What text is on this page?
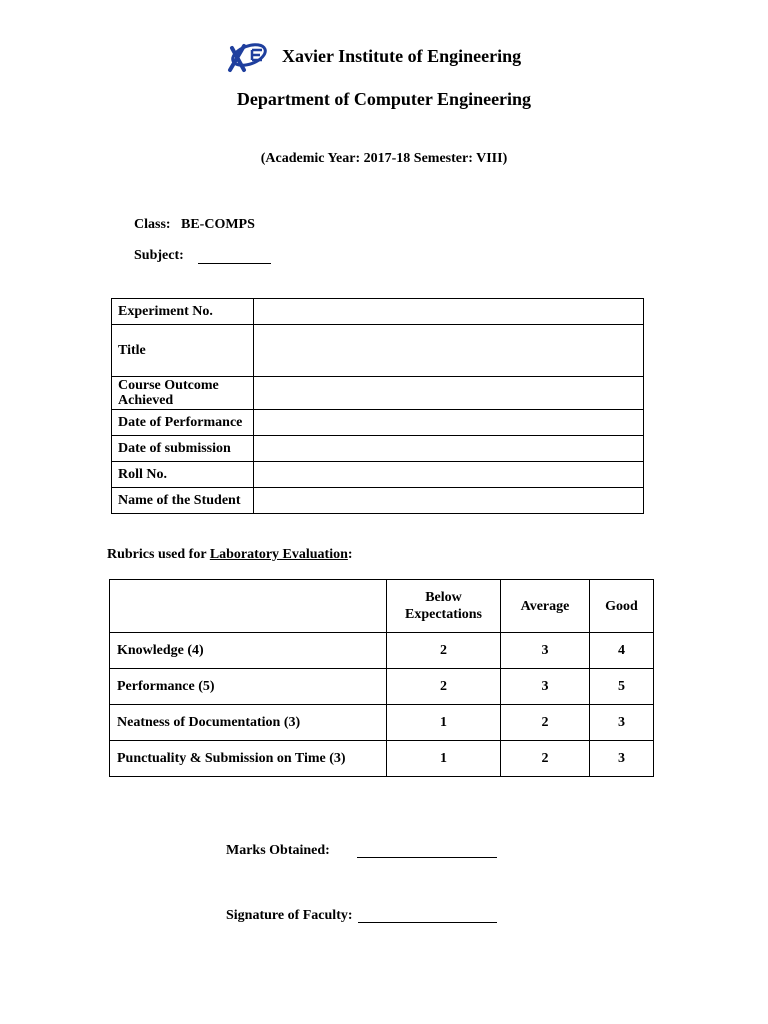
Xavier Institute of Engineering
Department of Computer Engineering
(Academic Year: 2017-18 Semester: VIII)
Class: BE-COMPS
Subject:
Experiment No.	
Title	
Course Outcome Achieved	
Date of Performance	
Date of submission	
Roll No.	
Name of the Student	
Rubrics used for Laboratory Evaluation:
	Below Expectations	Average	Good
Knowledge (4)	2	3	4
Performance (5)	2	3	5
Neatness of Documentation (3)	1	2	3
Punctuality & Submission on Time (3)	1	2	3
Marks Obtained:
Signature of Faculty:
